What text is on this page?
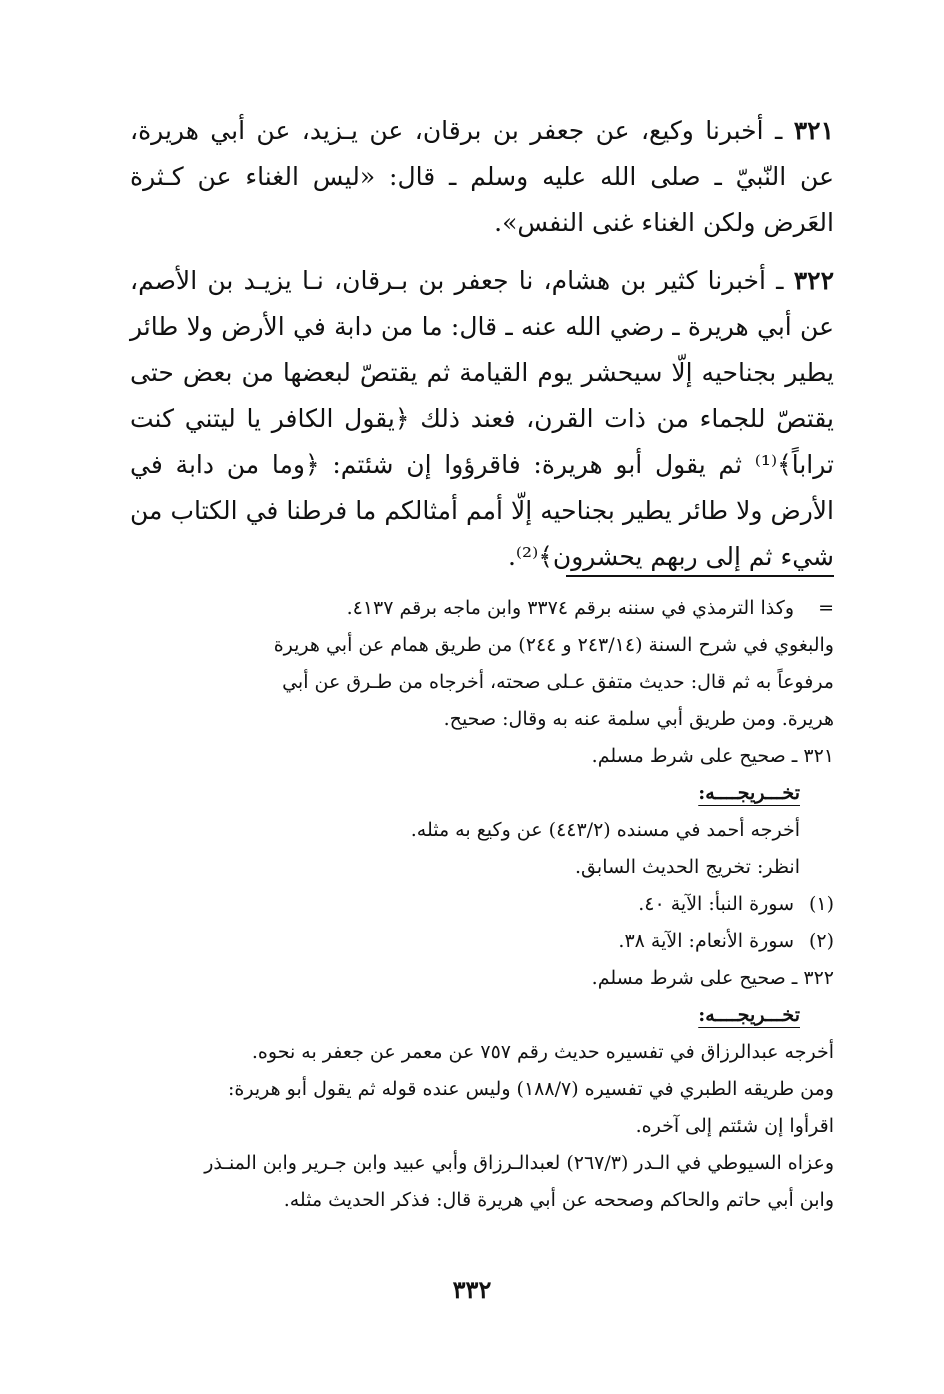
٣٢١ ـ أخبرنا وكيع، عن جعفر بن برقان، عن يـزيد، عن أبي هريرة، عن النّبيّ ـ صلى الله عليه وسلم ـ قال: «ليس الغناء عن كـثرة العَرض ولكن الغناء غنى النفس».

٣٢٢ ـ أخبرنا كثير بن هشام، نا جعفر بن بـرقان، نـا يزيـد بن الأصم، عن أبي هريرة ـ رضي الله عنه ـ قال: ما من دابة في الأرض ولا طائر يطير بجناحيه إلّا سيحشر يوم القيامة ثم يقتصّ لبعضها من بعض حتى يقتصّ للجماء من ذات القرن، فعند ذلك ﴿يقول الكافر يا ليتني كنت تراباً﴾⁽¹⁾ ثم يقول أبو هريرة: فاقرؤوا إن شئتم: ﴿وما من دابة في الأرض ولا طائر يطير بجناحيه إلّا أمم أمثالكم ما فرطنا في الكتاب من شيء ثم إلى ربهم يحشرون﴾⁽²⁾.

=
وكذا الترمذي في سننه برقم ٣٣٧٤ وابن ماجه برقم ٤١٣٧.
والبغوي في شرح السنة (٢٤٣/١٤ و ٢٤٤) من طريق همام عن أبي هريرة
مرفوعاً به ثم قال: حديث متفق عـلى صحته، أخرجاه من طـرق عن أبي
هريرة. ومن طريق أبي سلمة عنه به وقال: صحيح.
٣٢١ ـ صحيح على شرط مسلم.
تخـــريجــــه:
أخرجه أحمد في مسنده (٤٤٣/٢) عن وكيع به مثله.
انظر: تخريج الحديث السابق.
(١)
سورة النبأ: الآية ٤٠.
(٢)
سورة الأنعام: الآية ٣٨.
٣٢٢ ـ صحيح على شرط مسلم.
تخـــريجــــه:
أخرجه عبدالرزاق في تفسيره حديث رقم ٧٥٧ عن معمر عن جعفر به نحوه.
ومن طريقه الطبري في تفسيره (١٨٨/٧) وليس عنده قوله ثم يقول أبو هريرة:
اقرأوا إن شئتم إلى آخره.
وعزاه السيوطي في الـدر (٢٦٧/٣) لعبدالـرزاق وأبي عبيد وابن جـرير وابن المنـذر
وابن أبي حاتم والحاكم وصححه عن أبي هريرة قال: فذكر الحديث مثله.
٣٣٢
